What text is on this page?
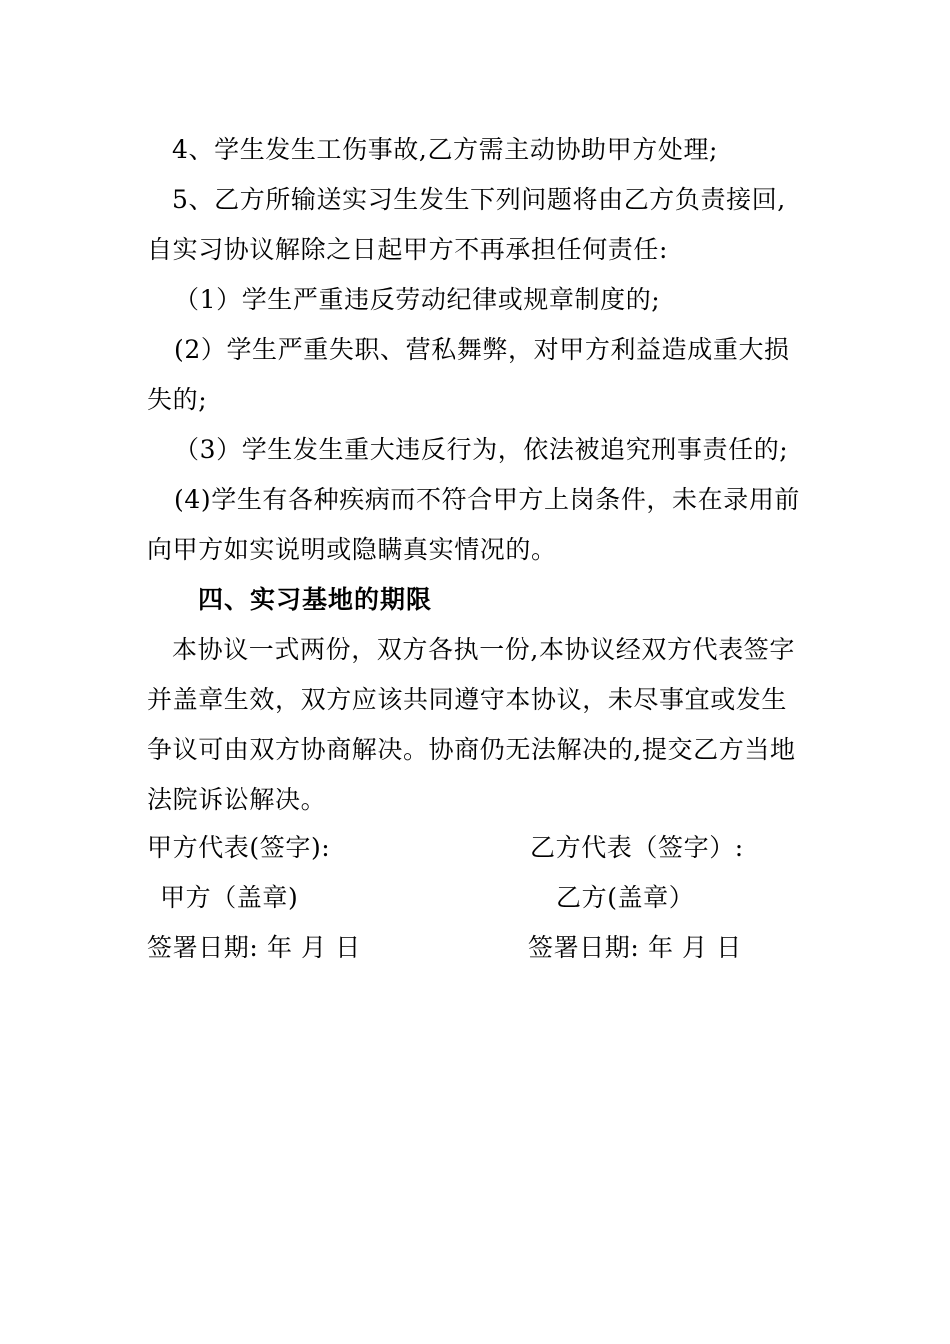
4、学生发生工伤事故,乙方需主动协助甲方处理;
5、乙方所输送实习生发生下列问题将由乙方负责接回,
自实习协议解除之日起甲方不再承担任何责任:
（1）学生严重违反劳动纪律或规章制度的;
(2）学生严重失职、营私舞弊，对甲方利益造成重大损
失的;
（3）学生发生重大违反行为，依法被追究刑事责任的;
(4)学生有各种疾病而不符合甲方上岗条件，未在录用前
向甲方如实说明或隐瞒真实情况的。
四、实习基地的期限
本协议一式两份，双方各执一份,本协议经双方代表签字
并盖章生效，双方应该共同遵守本协议，未尽事宜或发生
争议可由双方协商解决。协商仍无法解决的,提交乙方当地
法院诉讼解决。
甲方代表(签字):	乙方代表（签字）:
甲方（盖章)	乙方(盖章）
签署日期: 年 月 日	签署日期: 年 月 日
